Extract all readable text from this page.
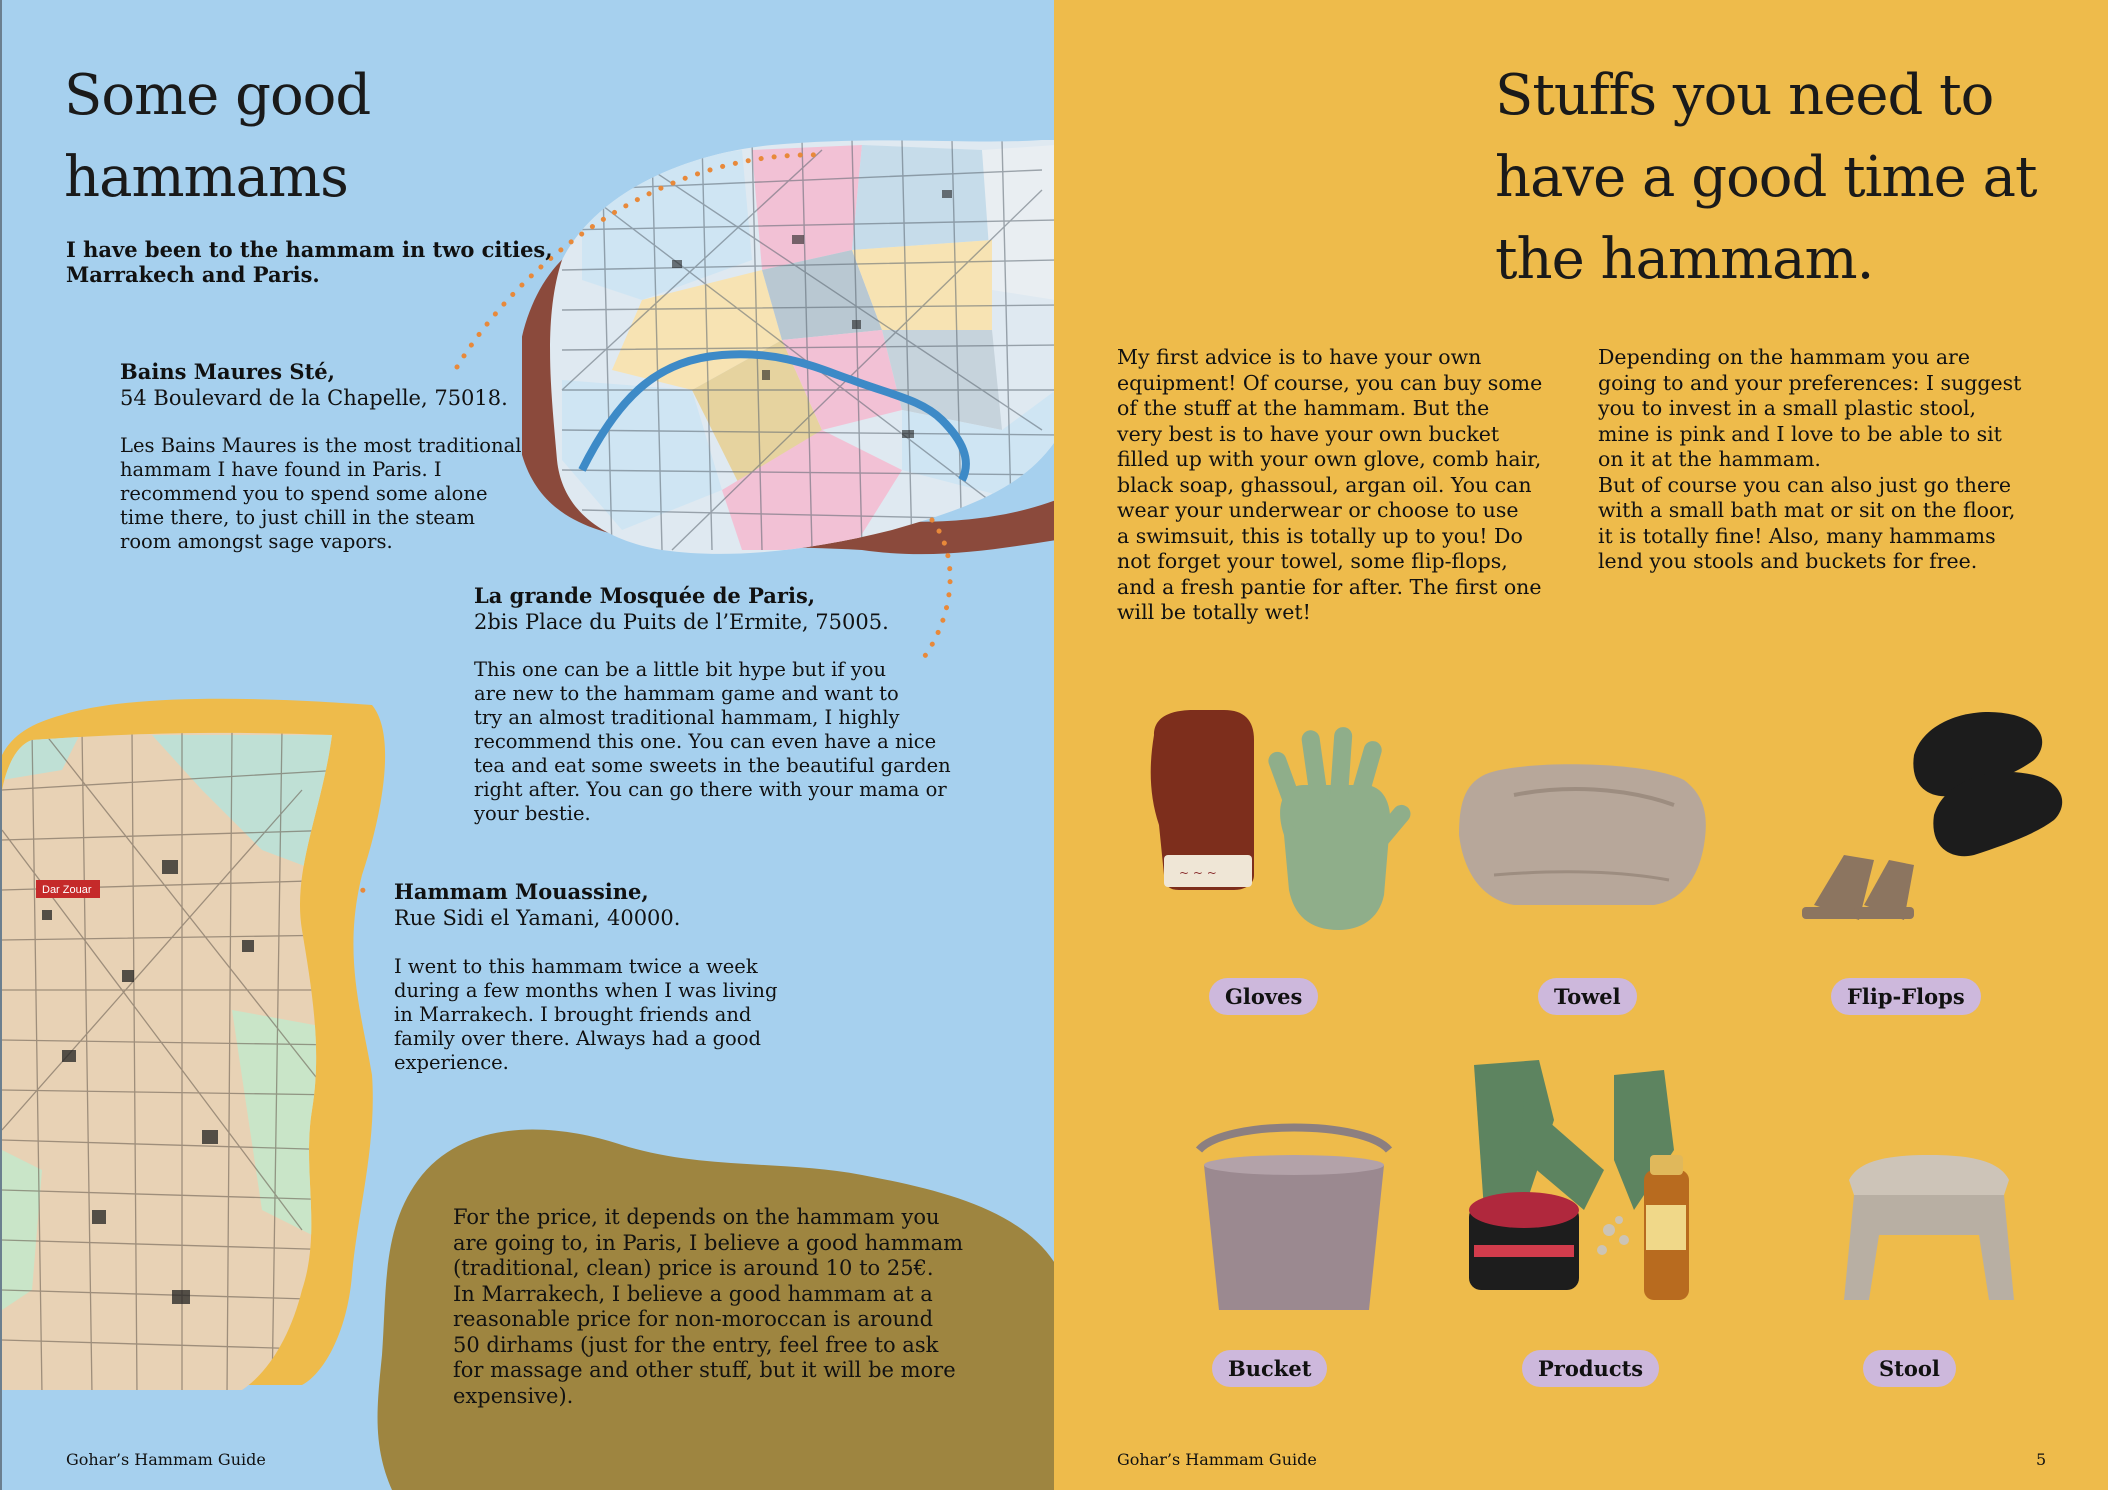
Dar Zouar
Some good
hammams
I have been to the hammam in two cities,
Marrakech and Paris.
Bains Maures Sté,
54 Boulevard de la Chapelle, 75018.
Les Bains Maures is the most traditional
hammam I have found in Paris. I
recommend you to spend some alone
time there, to just chill in the steam
room amongst sage vapors.
La grande Mosquée de Paris,
2bis Place du Puits de l’Ermite, 75005.
This one can be a little bit hype but if you
are new to the hammam game and want to
try an almost traditional hammam, I highly
recommend this one. You can even have a nice
tea and eat some sweets in the beautiful garden
right after. You can go there with your mama or
your bestie.
Hammam Mouassine,
Rue Sidi el Yamani, 40000.
I went to this hammam twice a week
during a few months when I was living
in Marrakech. I brought friends and
family over there. Always had a good
experience.
For the price, it depends on the hammam you
are going to, in Paris, I believe a good hammam
(traditional, clean) price is around 10 to 25€.
In Marrakech, I believe a good hammam at a
reasonable price for non-moroccan is around
50 dirhams (just for the entry, feel free to ask
for massage and other stuff, but it will be more
expensive).
Gohar’s Hammam Guide
Stuffs you need to
have a good time at
the hammam.
My first advice is to have your own
equipment! Of course, you can buy some
of the stuff at the hammam. But the
very best is to have your own bucket
filled up with your own glove, comb hair,
black soap, ghassoul, argan oil. You can
wear your underwear or choose to use
a swimsuit, this is totally up to you! Do
not forget your towel, some flip-flops,
and a fresh pantie for after. The first one
will be totally wet!
Depending on the hammam you are
going to and your preferences: I suggest
you to invest in a small plastic stool,
mine is pink and I love to be able to sit
on it at the hammam.
But of course you can also just go there
with a small bath mat or sit on the floor,
it is totally fine! Also, many hammams
lend you stools and buckets for free.
~ ~ ~
Gloves	Towel	Flip-Flops
Bucket	Products	Stool
Gohar’s Hammam Guide	5
